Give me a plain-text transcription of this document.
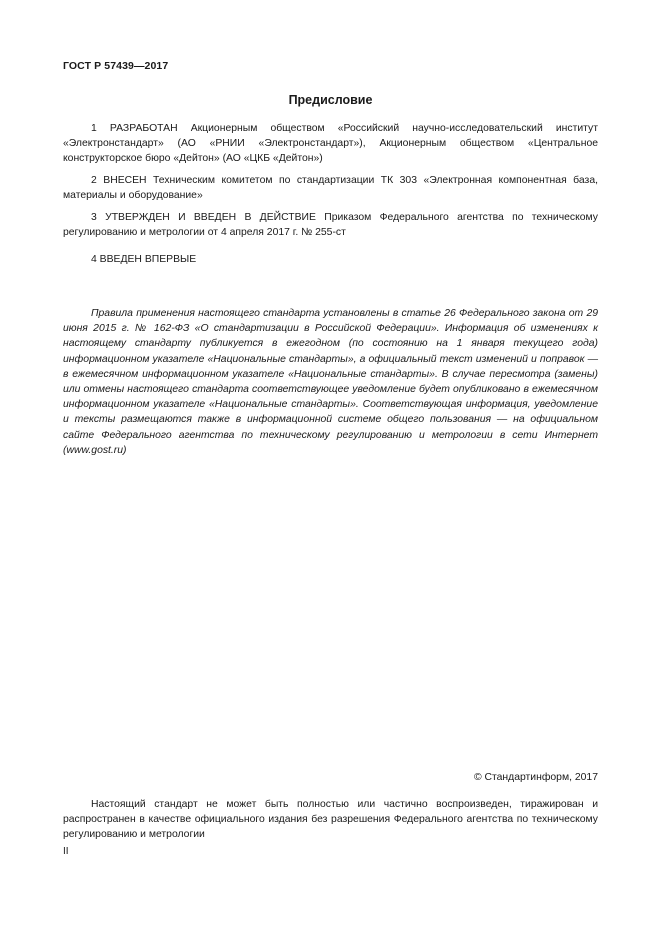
ГОСТ Р 57439—2017
Предисловие

1 РАЗРАБОТАН Акционерным обществом «Российский научно-исследовательский институт «Электронстандарт» (АО «РНИИ «Электронстандарт»), Акционерным обществом «Центральное конструкторское бюро «Дейтон» (АО «ЦКБ «Дейтон»)

2 ВНЕСЕН Техническим комитетом по стандартизации ТК 303 «Электронная компонентная база, материалы и оборудование»

3 УТВЕРЖДЕН И ВВЕДЕН В ДЕЙСТВИЕ Приказом Федерального агентства по техническому регулированию и метрологии от 4 апреля 2017 г. № 255-ст

4 ВВЕДЕН ВПЕРВЫЕ

Правила применения настоящего стандарта установлены в статье 26 Федерального закона от 29 июня 2015 г. № 162-ФЗ «О стандартизации в Российской Федерации». Информация об изменениях к настоящему стандарту публикуется в ежегодном (по состоянию на 1 января текущего года) информационном указателе «Национальные стандарты», а официальный текст изменений и поправок — в ежемесячном информационном указателе «Национальные стандарты». В случае пересмотра (замены) или отмены настоящего стандарта соответствующее уведомление будет опубликовано в ежемесячном информационном указателе «Национальные стандарты». Соответствующая информация, уведомление и тексты размещаются также в информационной системе общего пользования — на официальном сайте Федерального агентства по техническому регулированию и метрологии в сети Интернет (www.gost.ru)

© Стандартинформ, 2017

Настоящий стандарт не может быть полностью или частично воспроизведен, тиражирован и распространен в качестве официального издания без разрешения Федерального агентства по техническому регулированию и метрологии

II
